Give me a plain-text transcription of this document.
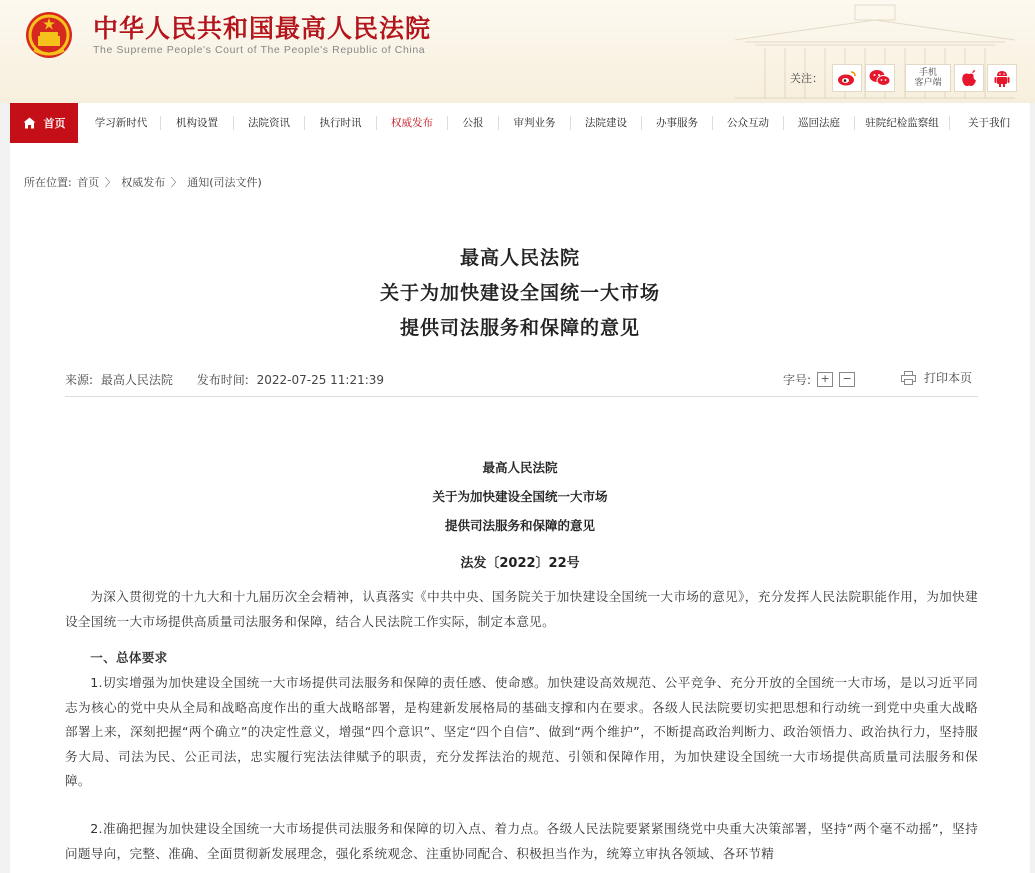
中华人民共和国最高人民法院
The Supreme People's Court of The People's Republic of China
关注：	手机
客户端
首页	学习新时代	机构设置	法院资讯	执行时讯	权威发布	公报	审判业务	法院建设	办事服务	公众互动	巡回法庭	驻院纪检监察组	关于我们
所在位置: 首页 〉 权威发布 〉 通知(司法文件)
最高人民法院
关于为加快建设全国统一大市场
提供司法服务和保障的意见
来源: 最高人民法院 发布时间: 2022-07-25 11:21:39	字号: +	−	打印本页
最高人民法院
关于为加快建设全国统一大市场
提供司法服务和保障的意见
法发〔2022〕22号
为深入贯彻党的十九大和十九届历次全会精神，认真落实《中共中央、国务院关于加快建设全国统一大市场的意见》，充分发挥人民法院职能作用，为加快建设全国统一大市场提供高质量司法服务和保障，结合人民法院工作实际，制定本意见。
一、总体要求
1.切实增强为加快建设全国统一大市场提供司法服务和保障的责任感、使命感。加快建设高效规范、公平竞争、充分开放的全国统一大市场，是以习近平同志为核心的党中央从全局和战略高度作出的重大战略部署，是构建新发展格局的基础支撑和内在要求。各级人民法院要切实把思想和行动统一到党中央重大战略部署上来，深刻把握“两个确立”的决定性意义，增强“四个意识”、坚定“四个自信”、做到“两个维护”，不断提高政治判断力、政治领悟力、政治执行力，坚持服务大局、司法为民、公正司法，忠实履行宪法法律赋予的职责，充分发挥法治的规范、引领和保障作用，为加快建设全国统一大市场提供高质量司法服务和保障。
2.准确把握为加快建设全国统一大市场提供司法服务和保障的切入点、着力点。各级人民法院要紧紧围绕党中央重大决策部署，坚持“两个毫不动摇”，坚持问题导向，完整、准确、全面贯彻新发展理念，强化系统观念、注重协同配合、积极担当作为，统筹立审执各领域、各环节精
